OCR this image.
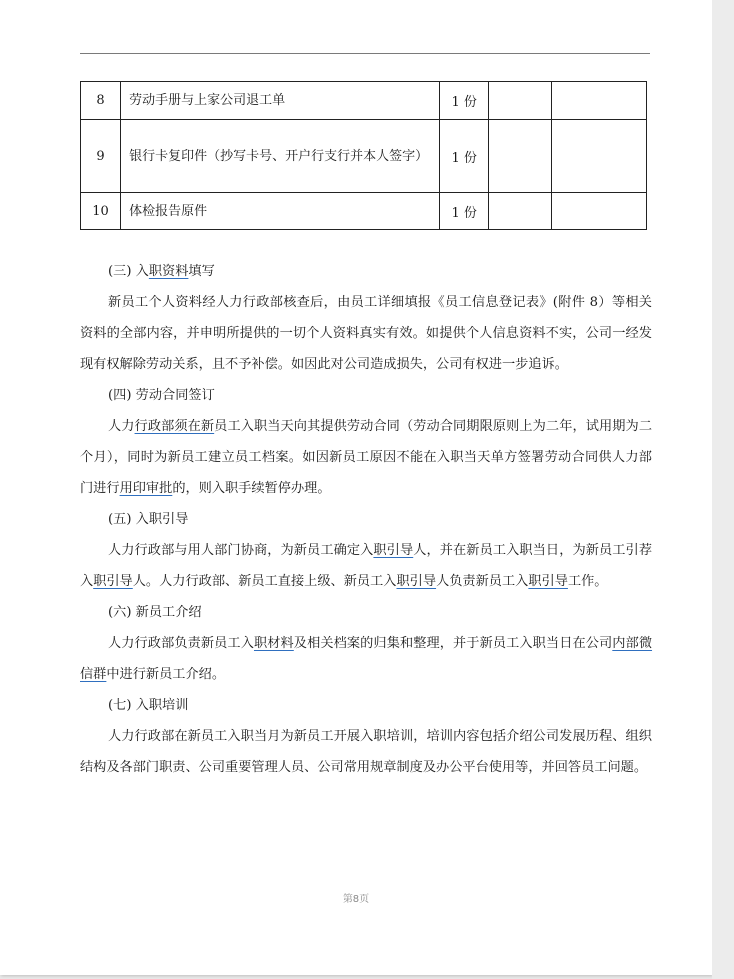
8	劳动手册与上家公司退工单	1 份		
9	银行卡复印件（抄写卡号、开户行支行并本人签字）	1 份		
10	体检报告原件	1 份		

(三) 入职资料填写

新员工个人资料经人力行政部核查后，由员工详细填报《员工信息登记表》(附件 8）等相关资料的全部内容，并申明所提供的一切个人资料真实有效。如提供个人信息资料不实，公司一经发现有权解除劳动关系，且不予补偿。如因此对公司造成损失，公司有权进一步追诉。

(四) 劳动合同签订

人力行政部须在新员工入职当天向其提供劳动合同（劳动合同期限原则上为二年，试用期为二个月），同时为新员工建立员工档案。如因新员工原因不能在入职当天单方签署劳动合同供人力部门进行用印审批的，则入职手续暂停办理。

(五) 入职引导

人力行政部与用人部门协商，为新员工确定入职引导人，并在新员工入职当日，为新员工引荐入职引导人。人力行政部、新员工直接上级、新员工入职引导人负责新员工入职引导工作。

(六) 新员工介绍

人力行政部负责新员工入职材料及相关档案的归集和整理，并于新员工入职当日在公司内部微信群中进行新员工介绍。

(七) 入职培训

人力行政部在新员工入职当月为新员工开展入职培训，培训内容包括介绍公司发展历程、组织结构及各部门职责、公司重要管理人员、公司常用规章制度及办公平台使用等，并回答员工问题。

第8页
